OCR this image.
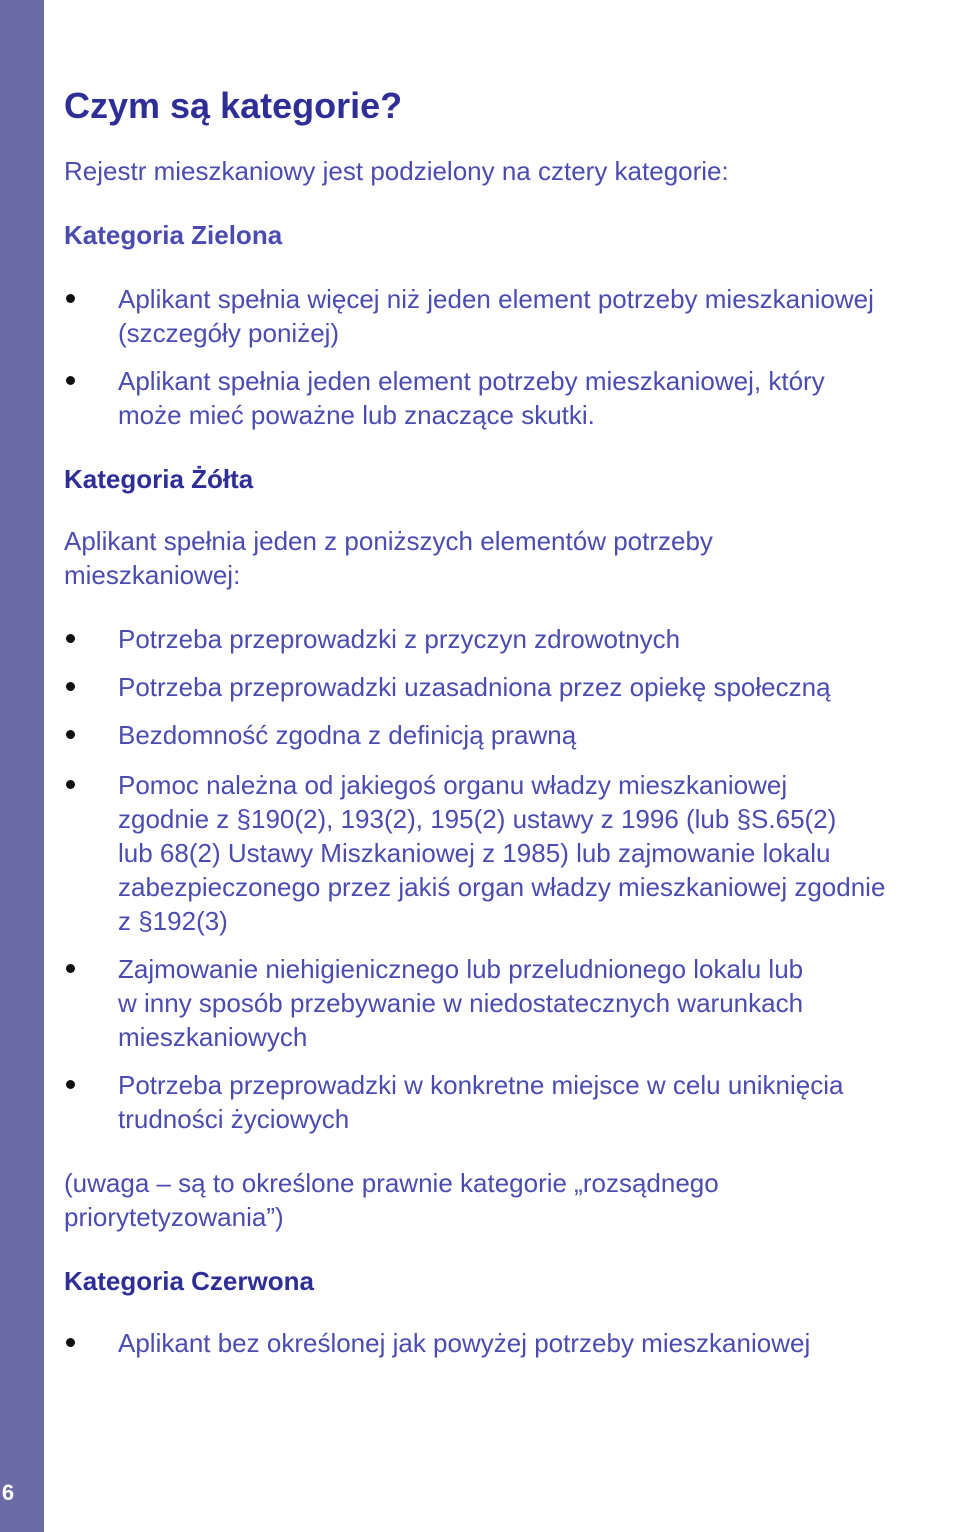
6
Czym są kategorie?

Rejestr mieszkaniowy jest podzielony na cztery kategorie:

Kategoria Zielona
Aplikant spełnia więcej niż jeden element potrzeby mieszkaniowej
(szczegóły poniżej)
Aplikant spełnia jeden element potrzeby mieszkaniowej, który
może mieć poważne lub znaczące skutki.
Kategoria Żółta
Aplikant spełnia jeden z poniższych elementów potrzeby
mieszkaniowej:
Potrzeba przeprowadzki z przyczyn zdrowotnych
Potrzeba przeprowadzki uzasadniona przez opiekę społeczną
Bezdomność zgodna z definicją prawną
Pomoc należna od jakiegoś organu władzy mieszkaniowej
zgodnie z §190(2), 193(2), 195(2) ustawy z 1996 (lub §S.65(2)
lub 68(2) Ustawy Miszkaniowej z 1985) lub zajmowanie lokalu
zabezpieczonego przez jakiś organ władzy mieszkaniowej zgodnie
z §192(3)
Zajmowanie niehigienicznego lub przeludnionego lokalu lub
w inny sposób przebywanie w niedostatecznych warunkach
mieszkaniowych
Potrzeba przeprowadzki w konkretne miejsce w celu uniknięcia
trudności życiowych
(uwaga – są to określone prawnie kategorie „rozsądnego
priorytetyzowania”)
Kategoria Czerwona
Aplikant bez określonej jak powyżej potrzeby mieszkaniowej
